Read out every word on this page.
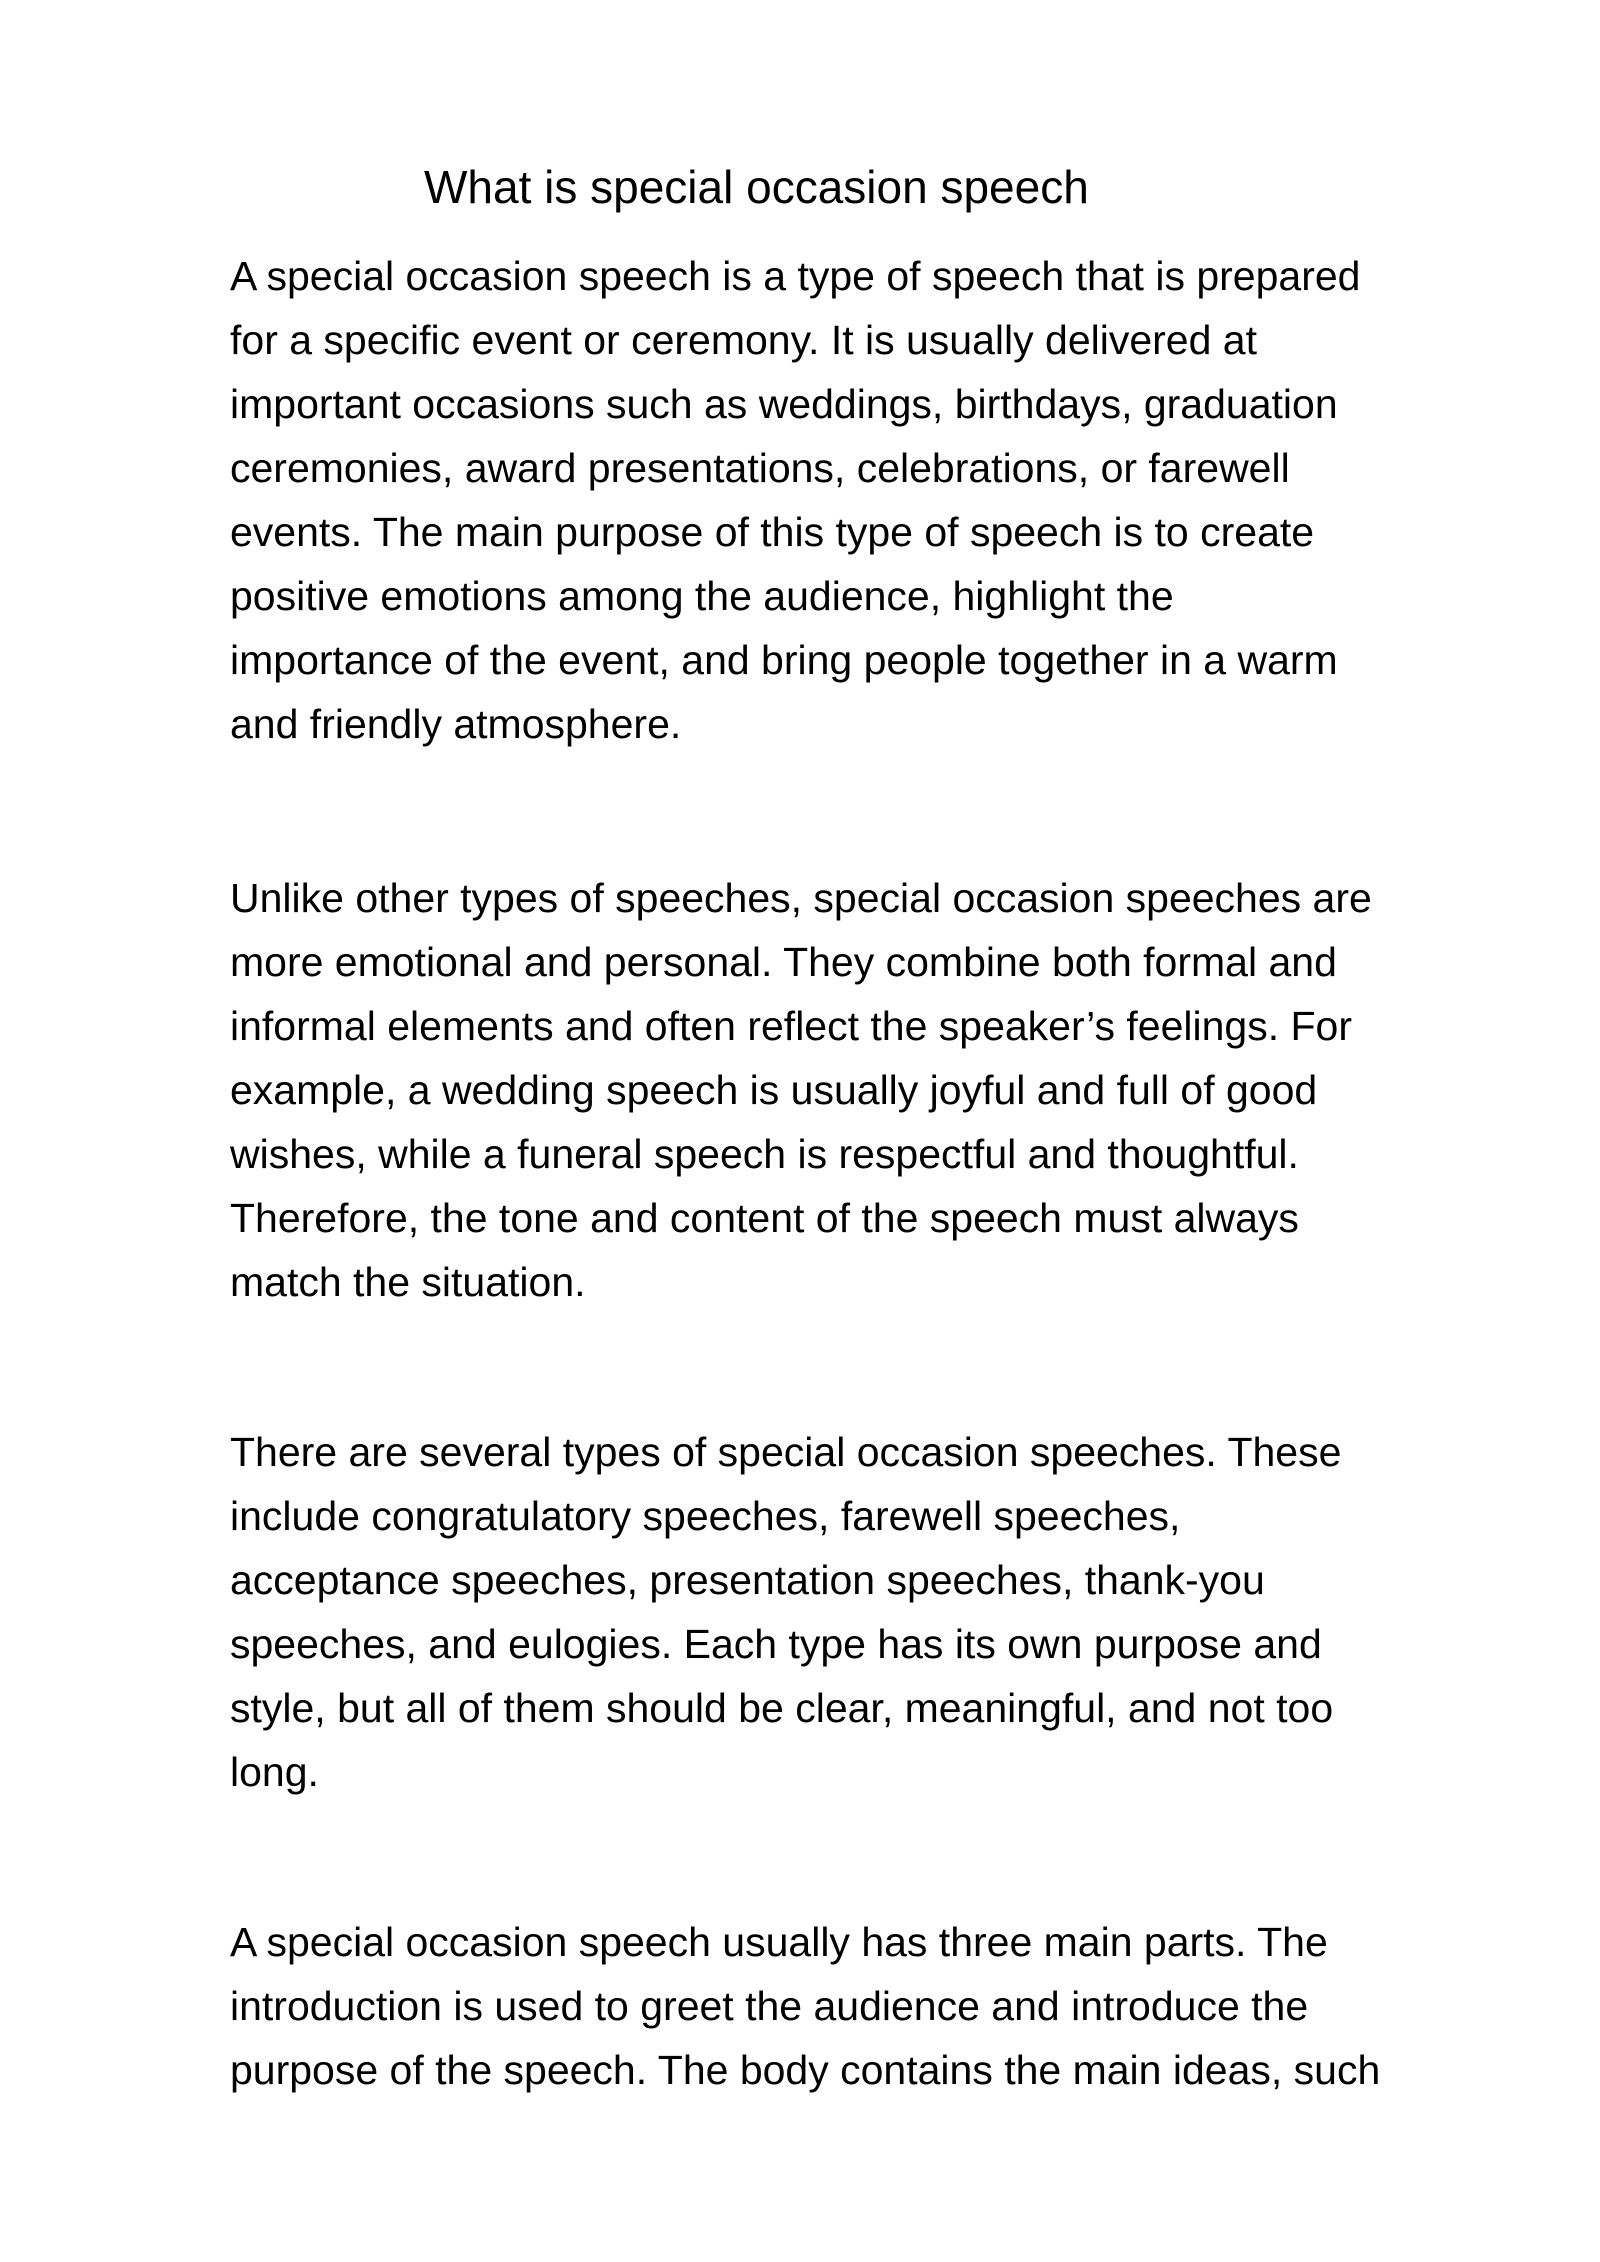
What is special occasion speech

A special occasion speech is a type of speech that is prepared
for a specific event or ceremony. It is usually delivered at
important occasions such as weddings, birthdays, graduation
ceremonies, award presentations, celebrations, or farewell
events. The main purpose of this type of speech is to create
positive emotions among the audience, highlight the
importance of the event, and bring people together in a warm
and friendly atmosphere.

Unlike other types of speeches, special occasion speeches are
more emotional and personal. They combine both formal and
informal elements and often reflect the speaker’s feelings. For
example, a wedding speech is usually joyful and full of good
wishes, while a funeral speech is respectful and thoughtful.
Therefore, the tone and content of the speech must always
match the situation.

There are several types of special occasion speeches. These
include congratulatory speeches, farewell speeches,
acceptance speeches, presentation speeches, thank-you
speeches, and eulogies. Each type has its own purpose and
style, but all of them should be clear, meaningful, and not too
long.

A special occasion speech usually has three main parts. The
introduction is used to greet the audience and introduce the
purpose of the speech. The body contains the main ideas, such
